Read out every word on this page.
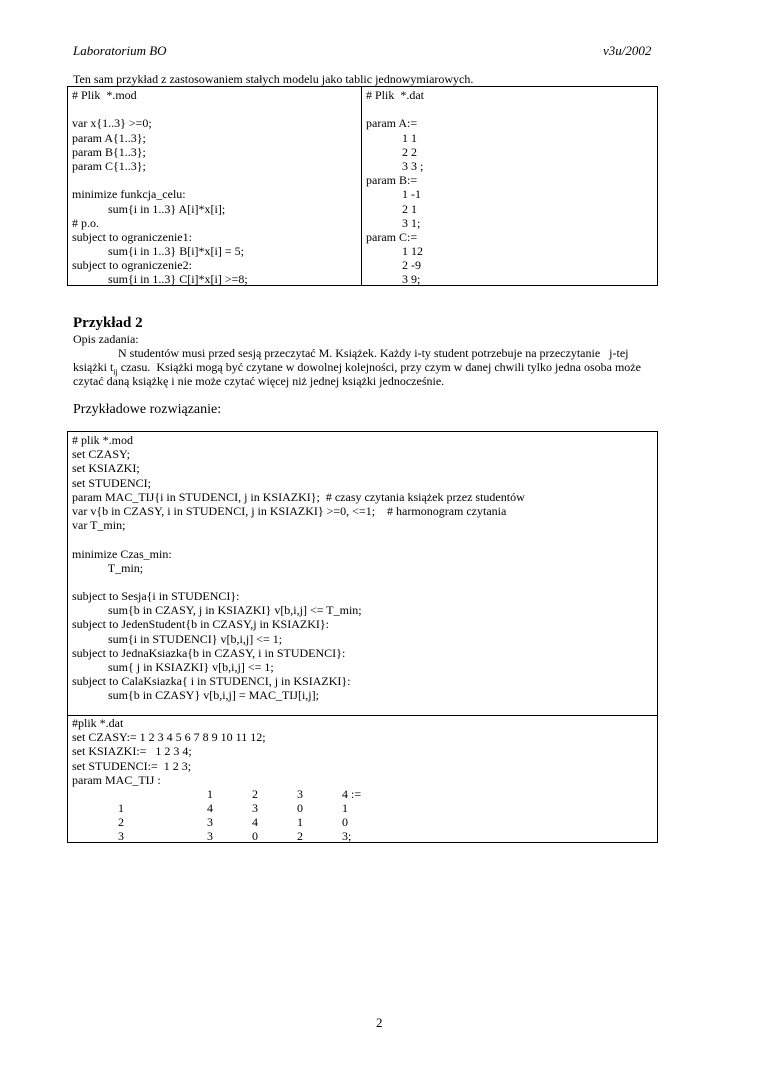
Laboratorium BO	v3u/2002
Ten sam przykład z zastosowaniem stałych modelu jako tablic jednowymiarowych.
# Plik  *.mod
var x{1..3} >=0;
param A{1..3};
param B{1..3};
param C{1..3};
minimize funkcja_celu:
sum{i in 1..3} A[i]*x[i];
# p.o.
subject to ograniczenie1:
sum{i in 1..3} B[i]*x[i] = 5;
subject to ograniczenie2:
sum{i in 1..3} C[i]*x[i] >=8;
# Plik  *.dat
param A:=
1 1
2 2
3 3 ;
param B:=
1 -1
2 1
3 1;
param C:=
1 12
2 -9
3 9;
Przykład 2
Opis zadania:
N studentów musi przed sesją przeczytać M. Książek. Każdy i-ty student potrzebuje na przeczytanie   j-tej
książki $t_{ij}$ czasu.  Książki mogą być czytane w dowolnej kolejności, przy czym w danej chwili tylko jedna osoba może
czytać daną książkę i nie może czytać więcej niż jednej książki jednocześnie.
Przykładowe rozwiązanie:
# plik *.mod
set CZASY;
set KSIAZKI;
set STUDENCI;
param MAC_TIJ{i in STUDENCI, j in KSIAZKI};  # czasy czytania książek przez studentów
var v{b in CZASY, i in STUDENCI, j in KSIAZKI} >=0, <=1;    # harmonogram czytania
var T_min;
minimize Czas_min:
T_min;
subject to Sesja{i in STUDENCI}:
sum{b in CZASY, j in KSIAZKI} v[b,i,j] <= T_min;
subject to JedenStudent{b in CZASY,j in KSIAZKI}:
sum{i in STUDENCI} v[b,i,j] <= 1;
subject to JednaKsiazka{b in CZASY, i in STUDENCI}:
sum{ j in KSIAZKI} v[b,i,j] <= 1;
subject to CalaKsiazka{ i in STUDENCI, j in KSIAZKI}:
sum{b in CZASY} v[b,i,j] = MAC_TIJ[i,j];
#plik *.dat
set CZASY:= 1 2 3 4 5 6 7 8 9 10 11 12;
set KSIAZKI:=   1 2 3 4;
set STUDENCI:=  1 2 3;
param MAC_TIJ :
1	2	3	4 :=
1	4	3	0	1
2	3	4	1	0
3	3	0	2	3;
2
